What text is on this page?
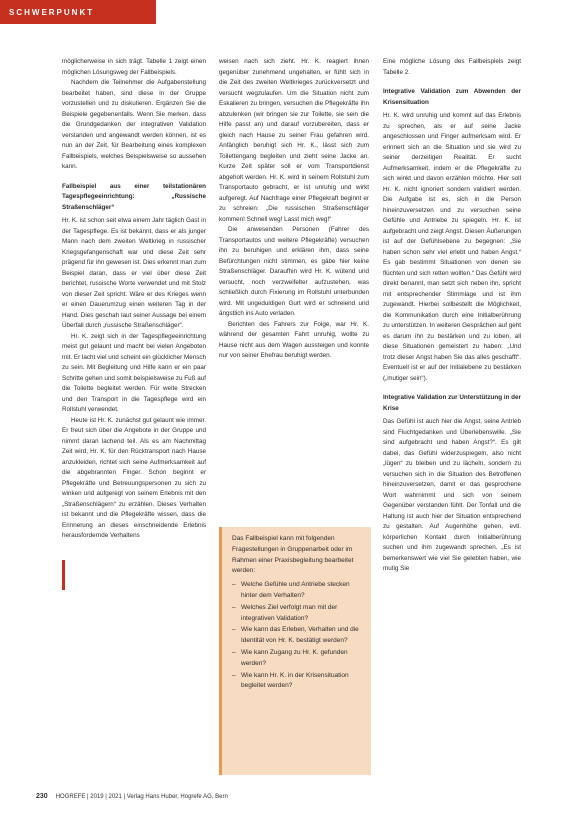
SCHWERPUNKT

möglicherweise in sich trägt. Tabelle 1 zeigt einen möglichen Lösungsweg der Fallbeispiels.

Nachdem die Teilnehmer die Aufgabenstellung bearbeitet haben, sind diese in der Gruppe vorzustellen und zu diskutieren. Ergänzen Sie die Beispiele gegebenenfalls. Wenn Sie merken, dass die Grundgedanken der integrativen Validation verstanden und angewandt werden können, ist es nun an der Zeit, für Bearbeitung eines komplexen Fallbeispiels, welches Beispielsweise so aussehen kann.

Fallbeispiel aus einer teilstationären Tagespflegeeinrichtung: „Russische Straßenschläger“

Hr. K. ist schon seit etwa einem Jahr täglich Gast in der Tagespflege. Es ist bekannt, dass er als junger Mann nach dem zweiten Weltkrieg in russischer Kriegsgefangenschaft war und diese Zeit sehr prägend für ihn gewesen ist. Dies erkennt man zum Beispiel daran, dass er viel über diese Zeit berichtet, russische Worte verwendet und mit Stolz von dieser Zeit spricht. Wäre er des Krieges wenn er einen Dauerumzug einen weiteren Tag in der Hand. Dies geschah laut seiner Aussage bei einem Überfall durch „russische Straßenschläger“.

Hr. K. zeigt sich in der Tagespflegeeinrichtung meist gut gelaunt und macht bei vielen Angeboten mit. Er lacht viel und scheint ein glücklicher Mensch zu sein. Mit Begleitung und Hilfe kann er ein paar Schritte gehen und somit beispielsweise zu Fuß auf die Toilette begleitet werden. Für weite Strecken und den Transport in die Tagespflege wird ein Rollstuhl verwendet.

Heute ist Hr. K. zunächst gut gelaunt wie immer. Er freut sich über die Angebote in der Gruppe und nimmt daran lachend teil. Als es am Nachmittag Zeit wird, Hr. K. für den Rücktransport nach Hause anzukleiden, richtet sich seine Aufmerksamkeit auf die abgebrannten Finger. Schon beginnt er Pflegekräfte und Betreuungspersonen zu sich zu winken und aufgeregt von seinem Erlebnis mit den „Straßenschlägern“ zu erzählen. Dieses Verhalten ist bekannt und die Pflegekräfte wissen, dass die Erinnerung an dieses einschneidende Erlebnis herausfordernde Verhaltens

weisen nach sich zieht. Hr. K. reagiert ihnen gegenüber zunehmend ungehalten, er fühlt sich in die Zeit des zweiten Weltkrieges zurückversetzt und versucht wegzulaufen. Um die Situation nicht zum Eskalieren zu bringen, versuchen die Pflegekräfte ihn abzulenken (wir bringen sie zur Toilette, sie sein die Hilfe passt an) und darauf vorzubereiten, dass er gleich nach Hause zu seiner Frau gefahren wird. Anfänglich beruhigt sich Hr. K., lässt sich zum Toilettengang begleiten und zieht seine Jacke an. Kurze Zeit später soll er vom Transportdienst abgeholt werden. Hr. K. wird in seinem Rollstuhl zum Transportauto gebracht, er ist unruhig und wirkt aufgeregt. Auf Nachfrage einer Pflegekraft beginnt er zu schreien: „Die russischen Straßenschläger kommen! Schnell weg! Lasst mich weg!“

Die anwesenden Personen (Fahrer des Transportautos und weitere Pflegekräfte) versuchen ihn zu beruhigen und erklären ihm, dass seine Befürchtungen nicht stimmen, es gäbe hier keine Straßenschläger. Daraufhin wird Hr. K. wütend und versucht, noch verzweifelter aufzustehen, was schließlich durch Fixierung im Rollstuhl unterbunden wird. Mit ungeduldigen Gurt wird er schreiend und ängstlich ins Auto verladen.

Berichten des Fahrers zur Folge, war Hr. K. während der gesamten Fahrt unruhig, wollte zu Hause nicht aus dem Wagen aussteigen und konnte nur von seiner Ehefrau beruhigt werden.

Das Fallbeispiel kann mit folgenden Fragestellungen in Gruppenarbeit oder im Rahmen einer Praxisbegleitung bearbeitet werden:

– Welche Gefühle und Antriebe stecken hinter dem Verhalten?
– Welches Ziel verfolgt man mit der integrativen Validation?
– Wie kann das Erleben, Verhalten und die Identität von Hr. K. bestätigt werden?
– Wie kann Zugang zu Hr. K. gefunden werden?
– Wie kann Hr. K. in der Krisensituation begleitet werden?

Eine mögliche Lösung des Fallbeispiels zeigt Tabelle 2.

Integrative Validation zum Abwenden der Krisensituation

Hr. K. wird unruhig und kommt auf das Erlebnis zu sprechen, als er auf seine Jacke angeschlossen und Finger aufmerksam wird. Er erinnert sich an die Situation und sie wird zu seiner derzeitigen Realität. Er sucht Aufmerksamkeit, indem er die Pflegekräfte zu sich winkt und davon erzählen möchte. Hier soll Hr. K. nicht ignoriert sondern validiert werden. Die Aufgabe ist es, sich in die Person hineinzuversetzen und zu versuchen seine Gefühle und Antriebe zu spiegeln. Hr. K. ist aufgebracht und zeigt Angst. Diesen Äußerungen ist auf der Gefühlsebene zu begegnen: „Sie haben schon sehr viel erlebt und haben Angst.“ Es gab bestimmt Situationen von denen sie flüchten und sich retten wollten.“ Das Gefühl wird direkt benannt, man setzt sich neben ihn, spricht mit entsprechender Stimmlage und ist ihm zugewandt. Hierbei sollbestellt die Möglichkeit, die Kommunikation durch eine Initialberührung zu unterstützen. In weiteren Gesprächen auf geht es darum ihn zu bestärken und zu loben, all diese Situationen gemeistert zu haben: „Und trotz dieser Angst haben Sie das alles geschafft“. Eventuell ist er auf der Initialebene zu bestärken („mutiger sein“).

Integrative Validation zur Unterstützung in der Krise

Das Gefühl ist auch hier die Angst, seine Antrieb sind Fluchtgedanken und Überlebenswille. „Sie sind aufgebracht und haben Angst?“. Es gilt dabei, das Gefühl widerzuspiegeln, also nicht „lügen“ zu bleiben und zu lächeln, sondern zu versuchen sich in die Situation des Betroffenen hineinzuversetzen, damit er das gesprochene Wort wahrnimmt und sich von seinem Gegenüber verstanden fühlt. Der Tonfall und die Haltung ist auch hier der Situation entsprechend zu gestalten. Auf Augenhöhe gehen, evtl. körperlichen Kontakt durch Initialberührung suchen und ihm zugewandt sprechen. „Es ist bemerkenswert wie viel Sie gelebten haben, wie mutig Sie

230 HOGREFE | 2019 | 2021 | Verlag Hans Huber, Hogrefe AG, Bern
